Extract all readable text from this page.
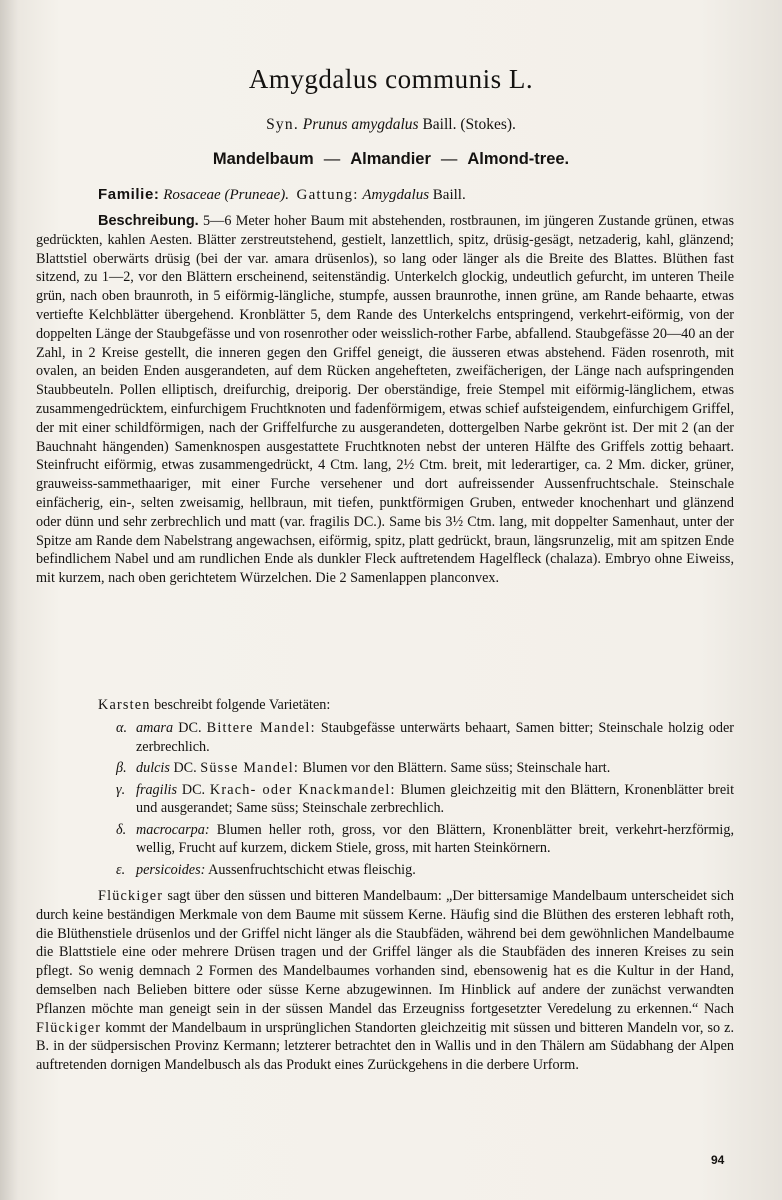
Amygdalus communis L.
Syn. Prunus amygdalus Baill. (Stokes).
Mandelbaum — Almandier — Almond-tree.
Familie: Rosaceae (Pruneae). Gattung: Amygdalus Baill.

Beschreibung. 5—6 Meter hoher Baum mit abstehenden, rostbraunen, im jüngeren Zustande grünen, etwas gedrückten, kahlen Aesten. Blätter zerstreutstehend, gestielt, lanzettlich, spitz, drüsig-gesägt, netzaderig, kahl, glänzend; Blattstiel oberwärts drüsig (bei der var. amara drüsenlos), so lang oder länger als die Breite des Blattes. Blüthen fast sitzend, zu 1—2, vor den Blättern erscheinend, seitenständig. Unterkelch glockig, undeutlich gefurcht, im unteren Theile grün, nach oben braunroth, in 5 eiförmig-längliche, stumpfe, aussen braunrothe, innen grüne, am Rande behaarte, etwas vertiefte Kelchblätter übergehend. Kronblätter 5, dem Rande des Unterkelchs entspringend, verkehrt-eiförmig, von der doppelten Länge der Staubgefässe und von rosenrother oder weisslich-rother Farbe, abfallend. Staubgefässe 20—40 an der Zahl, in 2 Kreise gestellt, die inneren gegen den Griffel geneigt, die äusseren etwas abstehend. Fäden rosenroth, mit ovalen, an beiden Enden ausgerandeten, auf dem Rücken angehefteten, zweifächerigen, der Länge nach aufspringenden Staubbeuteln. Pollen elliptisch, dreifurchig, dreiporig. Der oberständige, freie Stempel mit eiförmig-länglichem, etwas zusammengedrücktem, einfurchigem Fruchtknoten und fadenförmigem, etwas schief aufsteigendem, einfurchigem Griffel, der mit einer schildförmigen, nach der Griffelfurche zu ausgerandeten, dottergelben Narbe gekrönt ist. Der mit 2 (an der Bauchnaht hängenden) Samenknospen ausgestattete Fruchtknoten nebst der unteren Hälfte des Griffels zottig behaart. Steinfrucht eiförmig, etwas zusammengedrückt, 4 Ctm. lang, 2½ Ctm. breit, mit lederartiger, ca. 2 Mm. dicker, grüner, grauweiss-sammethaariger, mit einer Furche versehener und dort aufreissender Aussenfruchtschale. Steinschale einfächerig, ein-, selten zweisamig, hellbraun, mit tiefen, punktförmigen Gruben, entweder knochenhart und glänzend oder dünn und sehr zerbrechlich und matt (var. fragilis DC.). Same bis 3½ Ctm. lang, mit doppelter Samenhaut, unter der Spitze am Rande dem Nabelstrang angewachsen, eiförmig, spitz, platt gedrückt, braun, längsrunzelig, mit am spitzen Ende befindlichem Nabel und am rundlichen Ende als dunkler Fleck auftretendem Hagelfleck (chalaza). Embryo ohne Eiweiss, mit kurzem, nach oben gerichtetem Würzelchen. Die 2 Samenlappen planconvex.

Karsten beschreibt folgende Varietäten:
α. amara DC. Bittere Mandel: Staubgefässe unterwärts behaart, Samen bitter; Steinschale holzig oder zerbrechlich.
β. dulcis DC. Süsse Mandel: Blumen vor den Blättern. Same süss; Steinschale hart.
γ. fragilis DC. Krach- oder Knackmandel: Blumen gleichzeitig mit den Blättern, Kronenblätter breit und ausgerandet; Same süss; Steinschale zerbrechlich.
δ. macrocarpa: Blumen heller roth, gross, vor den Blättern, Kronenblätter breit, verkehrt-herzförmig, wellig, Frucht auf kurzem, dickem Stiele, gross, mit harten Steinkörnern.
ε. persicoides: Aussenfruchtschicht etwas fleischig.

Flückiger sagt über den süssen und bitteren Mandelbaum: „Der bittersamige Mandelbaum unterscheidet sich durch keine beständigen Merkmale von dem Baume mit süssem Kerne. Häufig sind die Blüthen des ersteren lebhaft roth, die Blüthenstiele drüsenlos und der Griffel nicht länger als die Staubfäden, während bei dem gewöhnlichen Mandelbaume die Blattstiele eine oder mehrere Drüsen tragen und der Griffel länger als die Staubfäden des inneren Kreises zu sein pflegt. So wenig demnach 2 Formen des Mandelbaumes vorhanden sind, ebensowenig hat es die Kultur in der Hand, demselben nach Belieben bittere oder süsse Kerne abzugewinnen. Im Hinblick auf andere der zunächst verwandten Pflanzen möchte man geneigt sein in der süssen Mandel das Erzeugniss fortgesetzter Veredelung zu erkennen.“ Nach Flückiger kommt der Mandelbaum in ursprünglichen Standorten gleichzeitig mit süssen und bitteren Mandeln vor, so z. B. in der südpersischen Provinz Kermann; letzterer betrachtet den in Wallis und in den Thälern am Südabhang der Alpen auftretenden dornigen Mandelbusch als das Produkt eines Zurückgehens in die derbere Urform.

94
